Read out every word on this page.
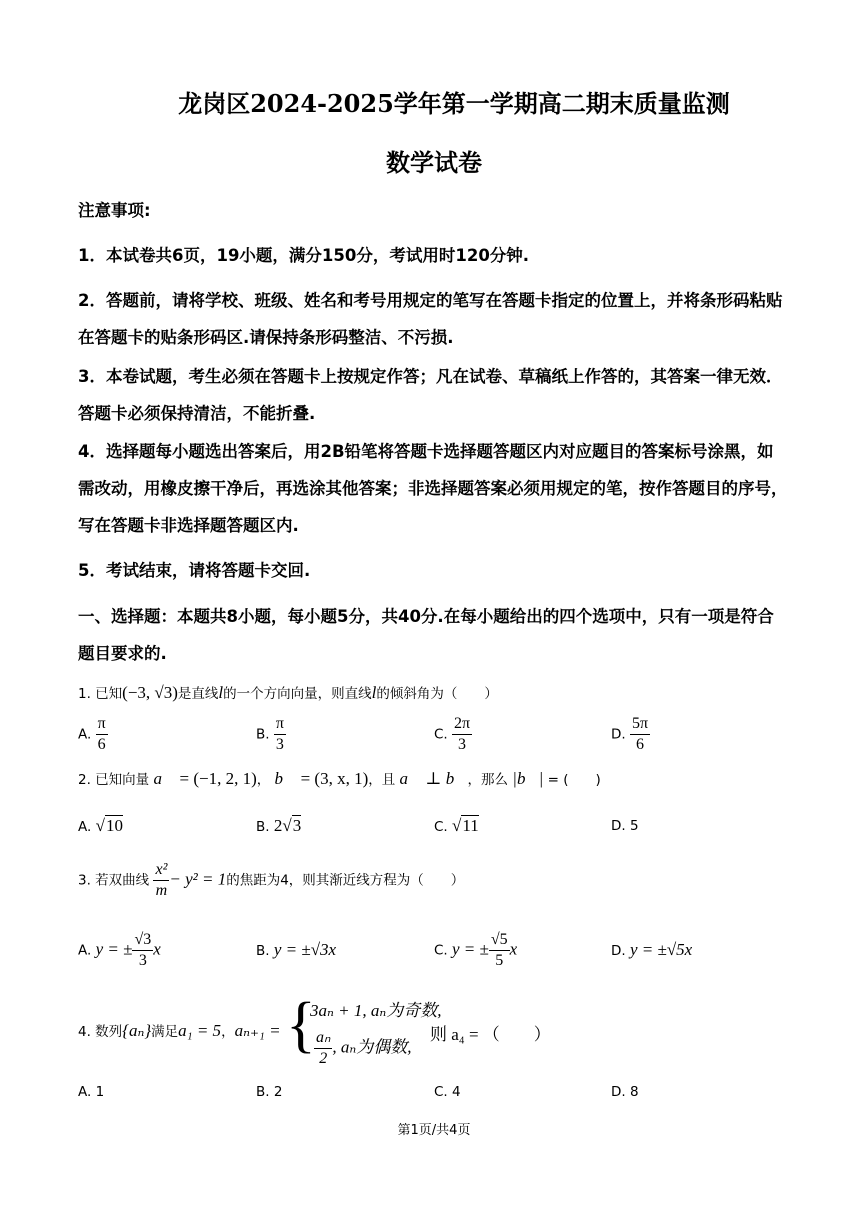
龙岗区2024-2025学年第一学期高二期末质量监测
数学试卷
注意事项:
1．本试卷共6页，19小题，满分150分，考试用时120分钟.
2．答题前，请将学校、班级、姓名和考号用规定的笔写在答题卡指定的位置上，并将条形码粘贴在答题卡的贴条形码区.请保持条形码整洁、不污损.
3．本卷试题，考生必须在答题卡上按规定作答；凡在试卷、草稿纸上作答的，其答案一律无效．答题卡必须保持清洁，不能折叠.
4．选择题每小题选出答案后，用2B铅笔将答题卡选择题答题区内对应题目的答案标号涂黑，如需改动，用橡皮擦干净后，再选涂其他答案；非选择题答案必须用规定的笔，按作答题目的序号，写在答题卡非选择题答题区内.
5．考试结束，请将答题卡交回.
一、选择题：本题共8小题，每小题5分，共40分.在每小题给出的四个选项中，只有一项是符合题目要求的.
1. 已知(−3, √3)是直线l的一个方向向量，则直线l的倾斜角为（　　）
A. $\frac{\pi}{6}$	B. $\frac{\pi}{3}$	C. $\frac{2\pi}{3}$	D. $\frac{5\pi}{6}$
2. 已知向量 a⃗ = (−1, 2, 1)， b⃗ = (3, x, 1)，且 a⃗ ⊥ b⃗，那么 |b⃗| = (　　)
A. √10	B. 2√3	C. √11	D. 5
3. 若双曲线 $\frac{\text{x²}}{m} - y^2 = 1$的焦距为4，则其渐近线方程为（　　）
A. y = ± $\frac{√3}{3}$ x	B. y = ±√3x	C. y = ± $\frac{√5}{5}$ x	D. y = ±√5x
4. 数列{aₙ}满足a₁ = 5，aₙ₊₁ = {
3aₙ + 1, aₙ为奇数,
$\frac{\text{aₙ}}{2}$ , aₙ为偶数,
则 a₄ = （　　）
A. 1	B. 2	C. 4	D. 8
第1页/共4页
